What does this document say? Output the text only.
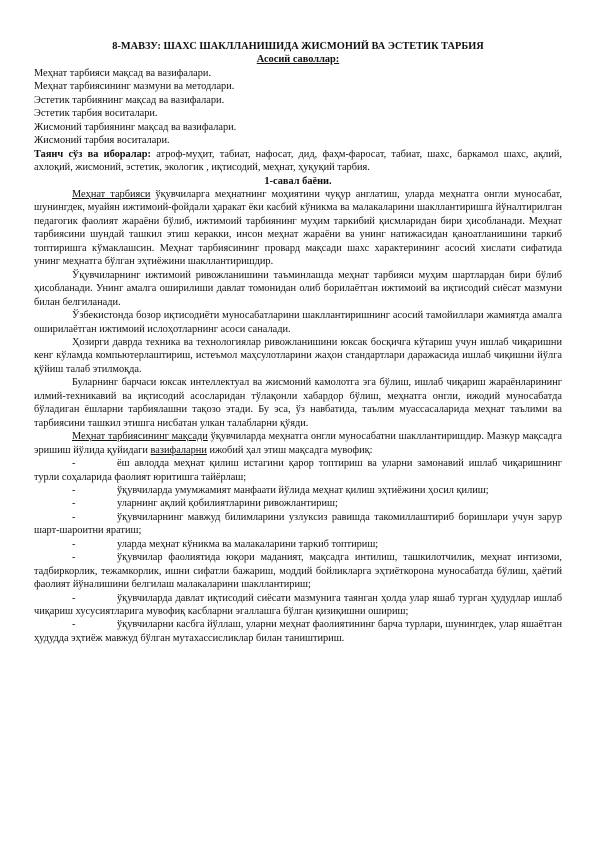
8-МАВЗУ: ШАХС ШАКЛЛАНИШИДА ЖИСМОНИЙ ВА ЭСТЕТИК ТАРБИЯ

Асосий саволлар:

Меҳнат тарбияси мақсад ва вазифалари.

Меҳнат тарбиясининг мазмуни ва методлари.

Эстетик тарбиянинг мақсад ва вазифалари.

Эстетик тарбия воситалари.

Жисмоний тарбиянинг мақсад ва вазифалари.

Жисмоний тарбия воситалари.

Таянч сўз ва иборалар: атроф-муҳит, табиат, нафосат, дид, фаҳм-фаросат, табиат, шахс, баркамол шахс, ақлий, ахлоқий, жисмоний, эстетик, экологик , иқтисодий, меҳнат, ҳуқуқий тарбия.

1-савал баёни.

Меҳнат тарбияси ўқувчиларга меҳнатнинг моҳиятини чуқур англатиш, уларда меҳнатга онгли муносабат, шунингдек, муайян ижтимоий-фойдали ҳаракат ёки касбий кўникма ва малакаларини шакллантиришга йўналтирилган педагогик фаолият жараёни бўлиб, ижтимоий тарбиянинг муҳим таркибий қисмларидан бири ҳисобланади. Меҳнат тарбиясини шундай ташкил этиш керакки, инсон меҳнат жараёни ва унинг натижасидан қаноатланишини таркиб топтиришга кўмаклашсин. Меҳнат тарбиясининг провард мақсади шахс характерининг асосий хислати сифатида унинг меҳнатга бўлган эҳтиёжини шакллантиришдир.

Ўқувчиларнинг ижтимоий ривожланишини таъминлашда меҳнат тарбияси муҳим шартлардан бири бўлиб ҳисобланади. Унинг амалга оширилиши давлат томонидан олиб борилаётган ижтимоий ва иқтисодий сиёсат мазмуни билан белгиланади.

Ўзбекистонда бозор иқтисодиёти муносабатларини шакллантиришнинг асосий тамойиллари жамиятда амалга оширилаётган ижтимоий ислоҳотларнинг асоси саналади.

Ҳозирги даврда техника ва технологиялар ривожланишини юксак босқичга кўтариш учун ишлаб чиқаришни кенг кўламда компьютерлаштириш, истеъмол маҳсулотларини жаҳон стандартлари даражасида ишлаб чиқишни йўлга қўйиш талаб этилмоқда.

Буларнинг барчаси юксак интеллектуал ва жисмоний камолотга эга бўлиш, ишлаб чиқариш жараёнларининг илмий-техникавий ва иқтисодий асосларидан тўлақонли хабардор бўлиш, меҳнатга онгли, ижодий муносабатда бўладиган ёшларни тарбиялашни тақозо этади. Бу эса, ўз навбатида, таълим муассасаларида меҳнат таълими ва тарбиясини ташкил этишга нисбатан улкан талабларни қўяди.

Меҳнат тарбиясининг мақсади ўқувчиларда меҳнатга онгли муносабатни шакллантиришдир. Мазкур мақсадга эришиш йўлида қуйидаги вазифаларни ижобий ҳал этиш мақсадга мувофиқ:

-	ёш авлодда меҳнат қилиш истагини қарор топтириш ва уларни замонавий ишлаб чиқаришнинг турли соҳаларида фаолият юритишга тайёрлаш;

-	ўқувчиларда умумжамият манфаати йўлида меҳнат қилиш эҳтиёжини ҳосил қилиш;

-	уларнинг ақлий қобилиятларини ривожлантириш;

-	ўқувчиларнинг мавжуд билимларини узлуксиз равишда такомиллаштириб боришлари учун зарур шарт-шароитни яратиш;

-	уларда меҳнат кўникма ва малакаларини таркиб топтириш;

-	ўқувчилар фаолиятида юқори маданият, мақсадга интилиш, ташкилотчилик, меҳнат интизоми, тадбиркорлик, тежамкорлик, ишни сифатли бажариш, моддий бойликларга эҳтиёткорона муносабатда бўлиш, ҳаётий фаолият йўналишини белгилаш малакаларини шакллантириш;

-	ўқувчиларда давлат иқтисодий сиёсати мазмунига таянган ҳолда улар яшаб турган ҳудудлар ишлаб чиқариш хусусиятларига мувофиқ касбларни эгаллашга бўлган қизиқишни ошириш;

-	ўқувчиларни касбга йўллаш, уларни меҳнат фаолиятининг барча турлари, шунингдек, улар яшаётган ҳудудда эҳтиёж мавжуд бўлган мутахассисликлар билан таништириш.
